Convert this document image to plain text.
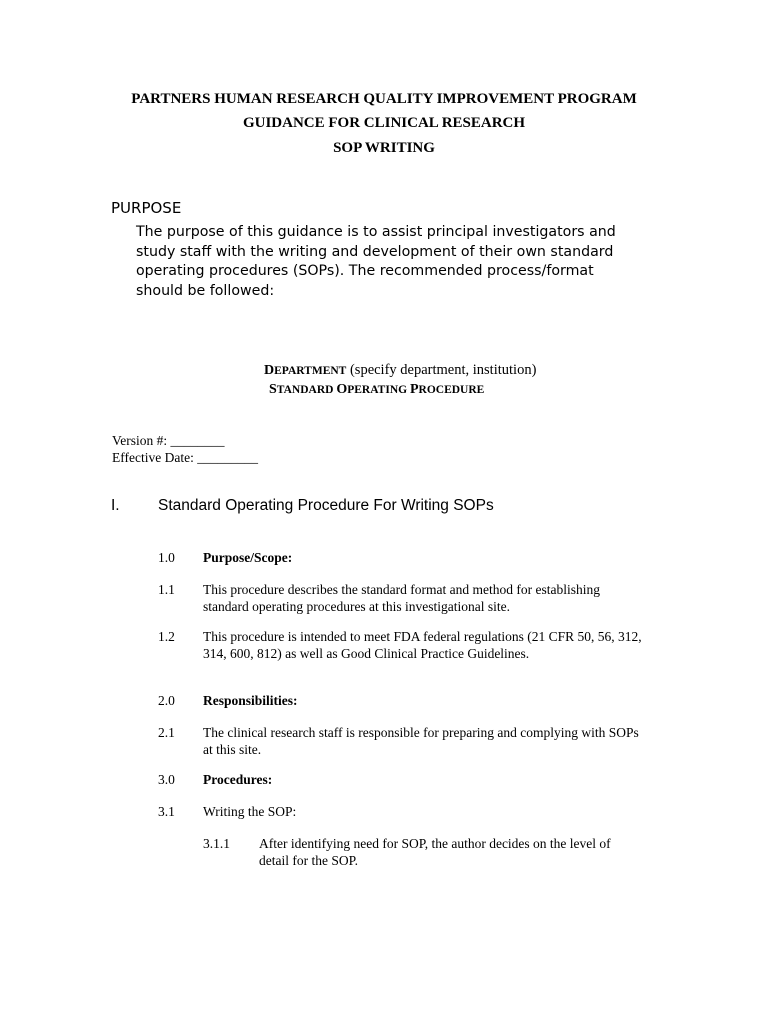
PARTNERS HUMAN RESEARCH QUALITY IMPROVEMENT PROGRAM
GUIDANCE FOR CLINICAL RESEARCH
SOP WRITING
PURPOSE
The purpose of this guidance is to assist principal investigators and
study staff with the writing and development of their own standard
operating procedures (SOPs). The recommended process/format
should be followed:
DEPARTMENT (specify department, institution)
STANDARD OPERATING PROCEDURE
Version #: ________
Effective Date: _________
I. Standard Operating Procedure For Writing SOPs
1.0 Purpose/Scope:
1.1 This procedure describes the standard format and method for establishing
standard operating procedures at this investigational site.
1.2 This procedure is intended to meet FDA federal regulations (21 CFR 50, 56, 312,
314, 600, 812) as well as Good Clinical Practice Guidelines.
2.0 Responsibilities:
2.1 The clinical research staff is responsible for preparing and complying with SOPs
at this site.
3.0 Procedures:
3.1 Writing the SOP:
3.1.1 After identifying need for SOP, the author decides on the level of
detail for the SOP.
